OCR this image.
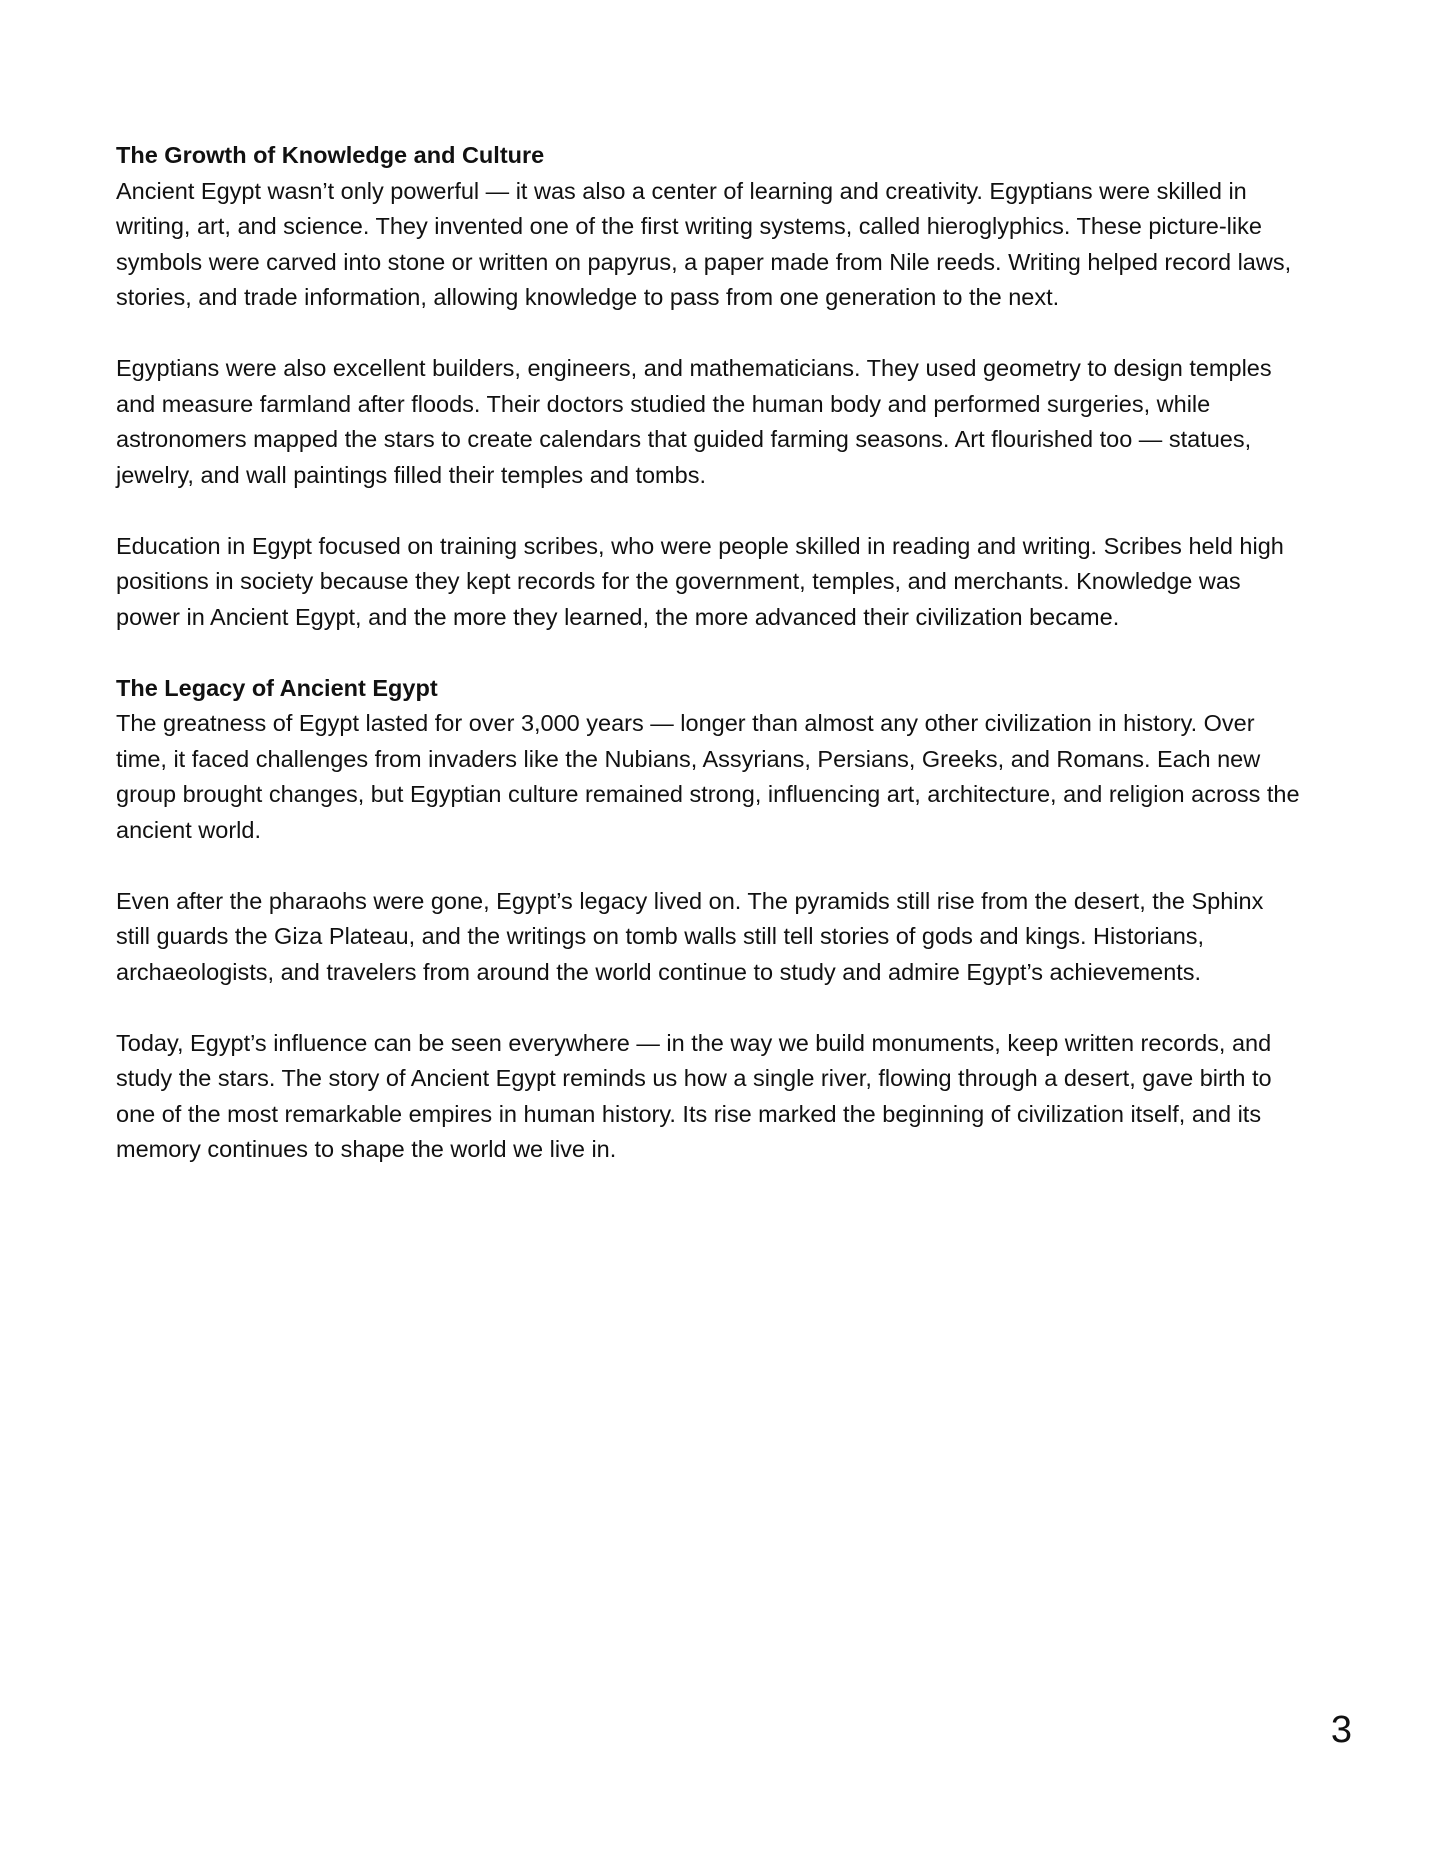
The Growth of Knowledge and Culture

Ancient Egypt wasn’t only powerful — it was also a center of learning and creativity. Egyptians were skilled in writing, art, and science. They invented one of the first writing systems, called hieroglyphics. These picture-like symbols were carved into stone or written on papyrus, a paper made from Nile reeds. Writing helped record laws, stories, and trade information, allowing knowledge to pass from one generation to the next.

Egyptians were also excellent builders, engineers, and mathematicians. They used geometry to design temples and measure farmland after floods. Their doctors studied the human body and performed surgeries, while astronomers mapped the stars to create calendars that guided farming seasons. Art flourished too — statues, jewelry, and wall paintings filled their temples and tombs.

Education in Egypt focused on training scribes, who were people skilled in reading and writing. Scribes held high positions in society because they kept records for the government, temples, and merchants. Knowledge was power in Ancient Egypt, and the more they learned, the more advanced their civilization became.

The Legacy of Ancient Egypt

The greatness of Egypt lasted for over 3,000 years — longer than almost any other civilization in history. Over time, it faced challenges from invaders like the Nubians, Assyrians, Persians, Greeks, and Romans. Each new group brought changes, but Egyptian culture remained strong, influencing art, architecture, and religion across the ancient world.

Even after the pharaohs were gone, Egypt’s legacy lived on. The pyramids still rise from the desert, the Sphinx still guards the Giza Plateau, and the writings on tomb walls still tell stories of gods and kings. Historians, archaeologists, and travelers from around the world continue to study and admire Egypt’s achievements.

Today, Egypt’s influence can be seen everywhere — in the way we build monuments, keep written records, and study the stars. The story of Ancient Egypt reminds us how a single river, flowing through a desert, gave birth to one of the most remarkable empires in human history. Its rise marked the beginning of civilization itself, and its memory continues to shape the world we live in.

3
